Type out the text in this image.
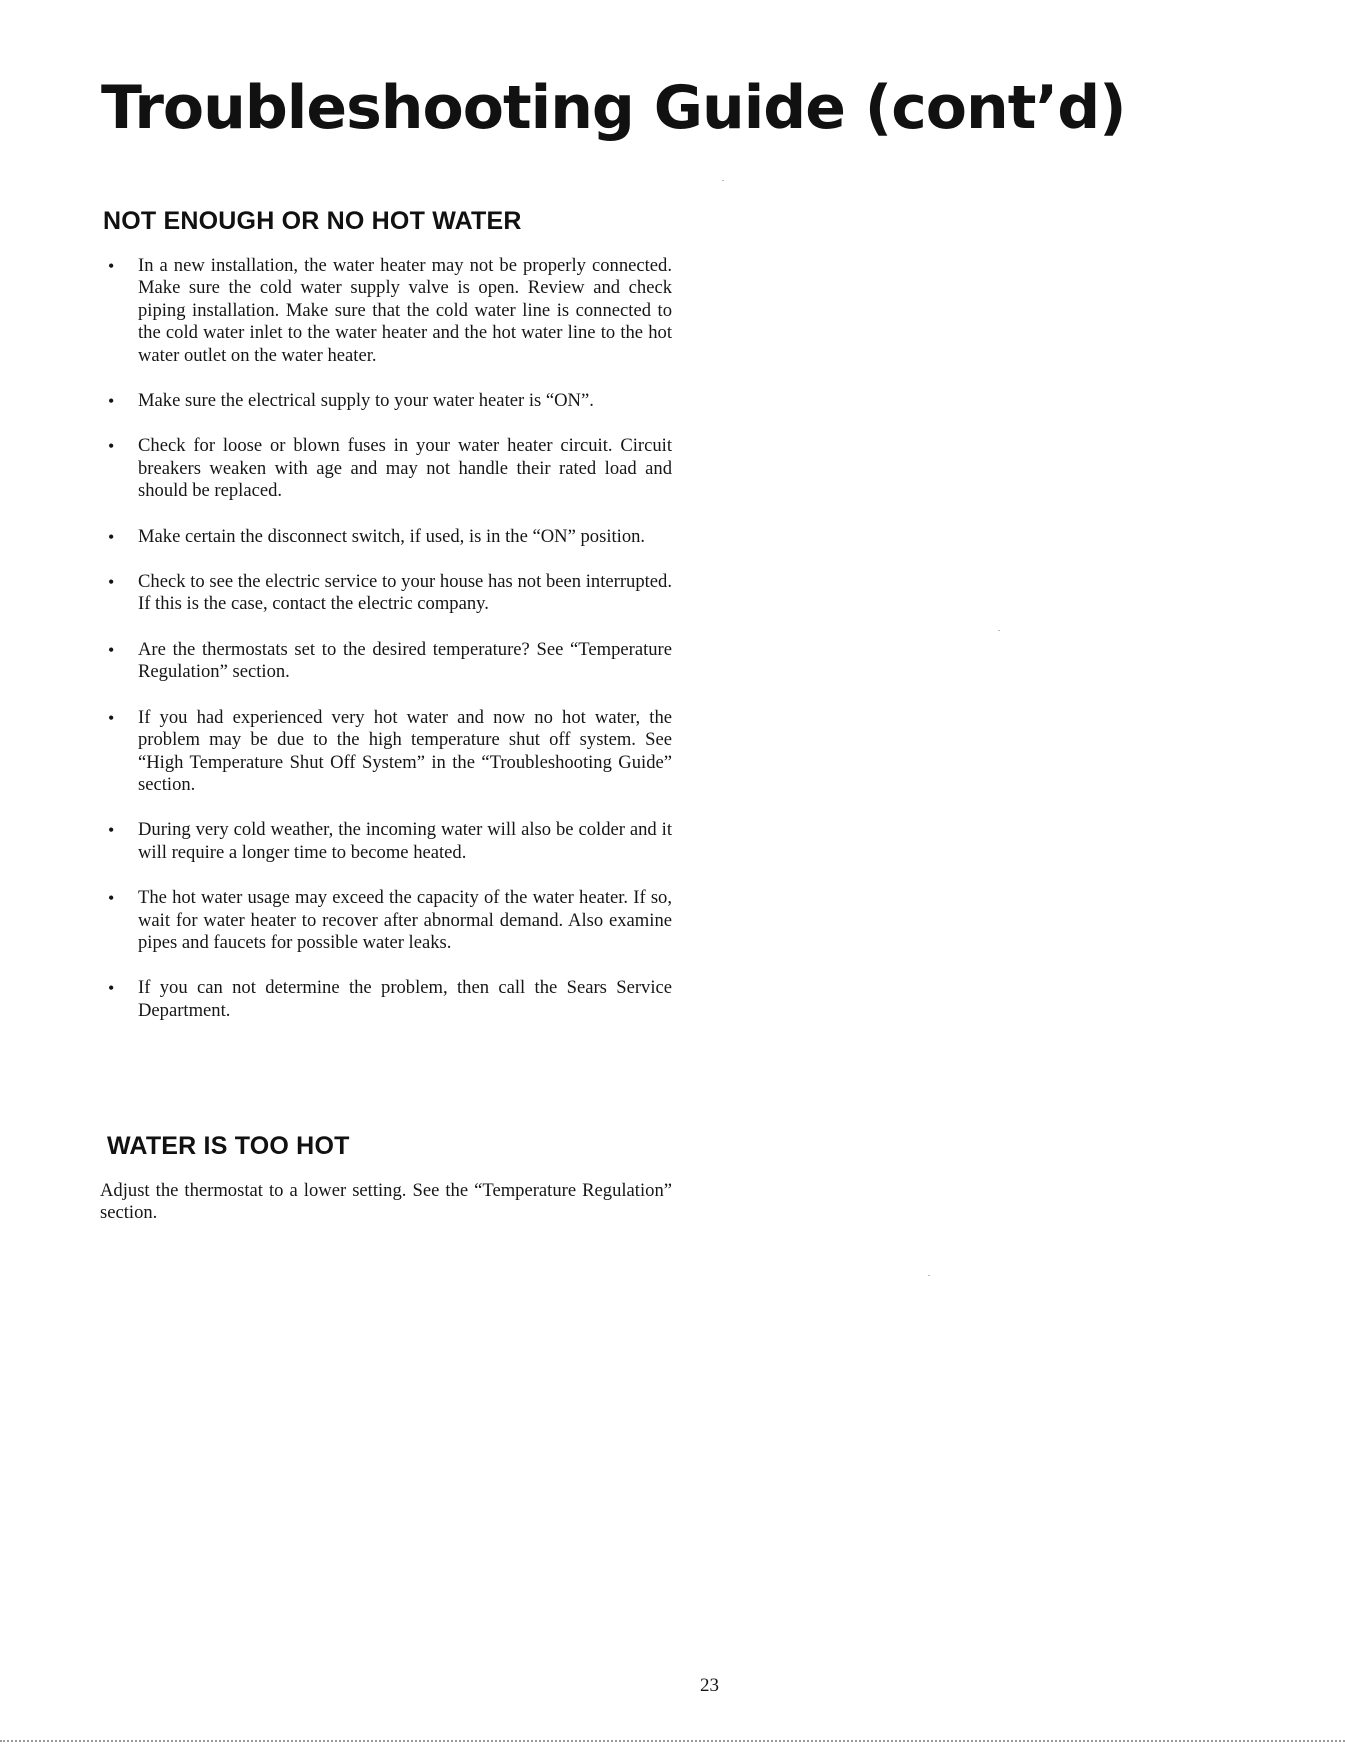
Troubleshooting Guide (cont’d)
NOT ENOUGH OR NO HOT WATER
• In a new installation, the water heater may not be properly connected. Make sure the cold water supply valve is open. Review and check piping installation. Make sure that the cold water line is connected to the cold water inlet to the water heater and the hot water line to the hot water outlet on the water heater.

• Make sure the electrical supply to your water heater is “ON”.

• Check for loose or blown fuses in your water heater circuit. Circuit breakers weaken with age and may not handle their rated load and should be replaced.

• Make certain the disconnect switch, if used, is in the “ON” position.

• Check to see the electric service to your house has not been interrupted. If this is the case, contact the electric company.

• Are the thermostats set to the desired temperature? See “Temperature Regulation” section.

• If you had experienced very hot water and now no hot water, the problem may be due to the high temperature shut off system. See “High Temperature Shut Off System” in the “Troubleshooting Guide” section.

• During very cold weather, the incoming water will also be colder and it will require a longer time to become heated.

• The hot water usage may exceed the capacity of the water heater. If so, wait for water heater to recover after abnormal demand. Also examine pipes and faucets for possible water leaks.

• If you can not determine the problem, then call the Sears Service Department.

WATER IS TOO HOT

Adjust the thermostat to a lower setting. See the “Temperature Regulation” section.

23
